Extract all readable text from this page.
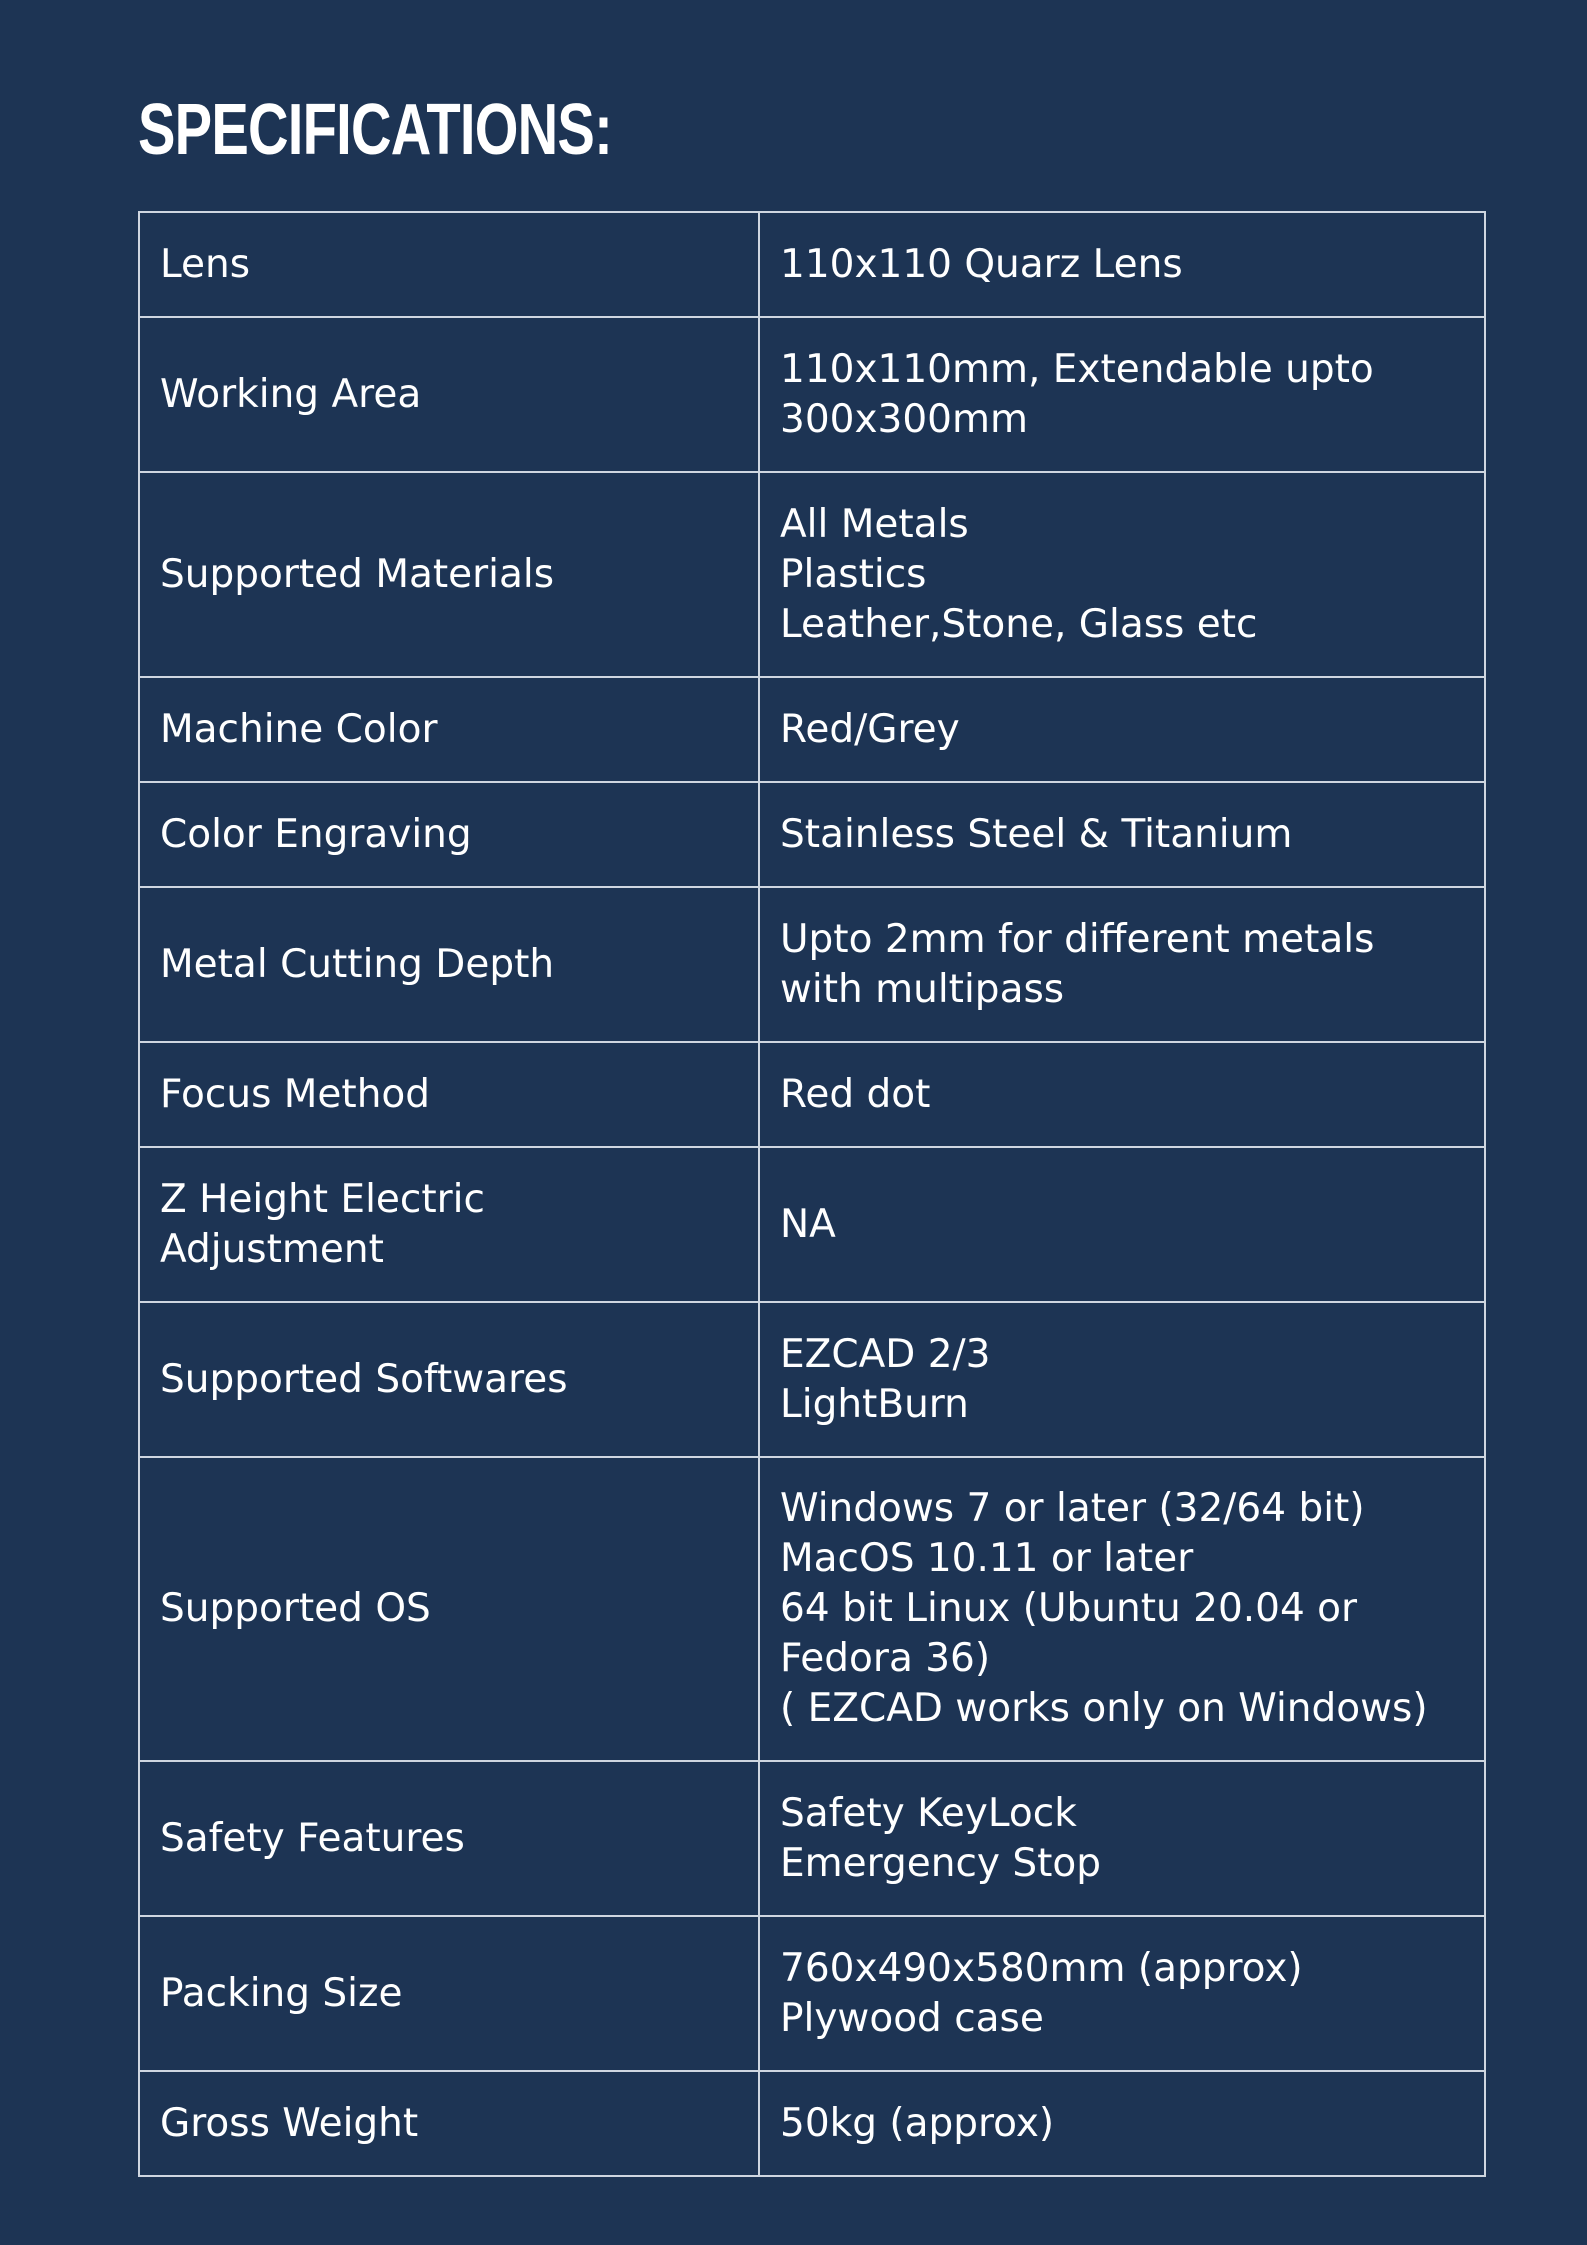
SPECIFICATIONS:
Lens	110x110 Quarz Lens
Working Area	110x110mm, Extendable upto
300x300mm
Supported Materials	All Metals
Plastics
Leather,Stone, Glass etc
Machine Color	Red/Grey
Color Engraving	Stainless Steel & Titanium
Metal Cutting Depth	Upto 2mm for different metals
with multipass
Focus Method	Red dot
Z Height Electric
Adjustment	NA
Supported Softwares	EZCAD 2/3
LightBurn
Supported OS	Windows 7 or later (32/64 bit)
MacOS 10.11 or later
64 bit Linux (Ubuntu 20.04 or
Fedora 36)
( EZCAD works only on Windows)
Safety Features	Safety KeyLock
Emergency Stop
Packing Size	760x490x580mm (approx)
Plywood case
Gross Weight	50kg (approx)
